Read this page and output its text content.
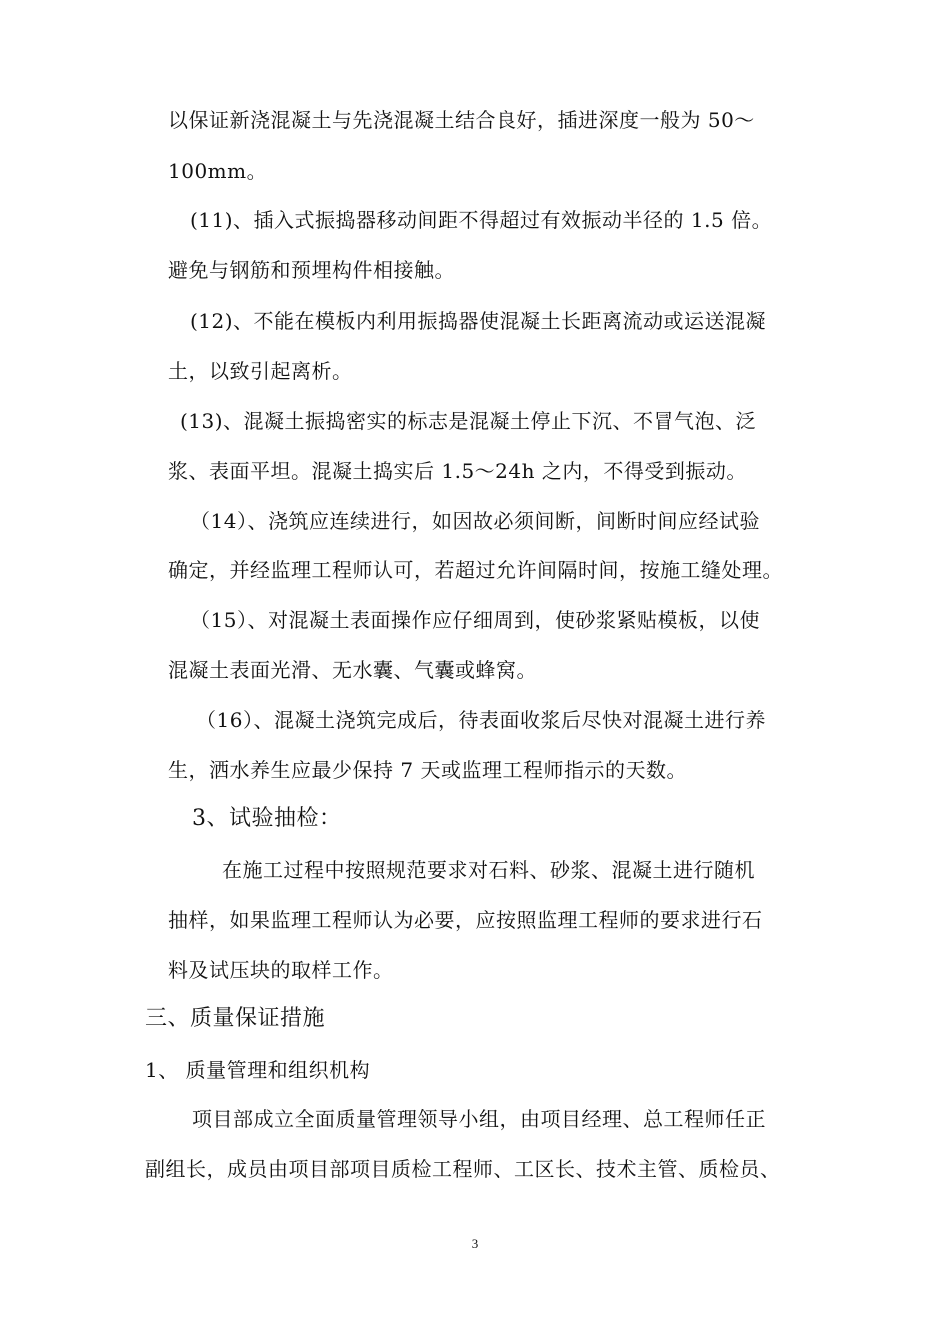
以保证新浇混凝土与先浇混凝土结合良好，插进深度一般为 50～
100mm。
(11)、插入式振捣器移动间距不得超过有效振动半径的 1.5 倍。
避免与钢筋和预埋构件相接触。
(12)、不能在模板内利用振捣器使混凝土长距离流动或运送混凝
土，以致引起离析。
(13)、混凝土振捣密实的标志是混凝土停止下沉、不冒气泡、泛
浆、表面平坦。混凝土捣实后 1.5～24h 之内，不得受到振动。
（14）、浇筑应连续进行，如因故必须间断，间断时间应经试验
确定，并经监理工程师认可，若超过允许间隔时间，按施工缝处理。
（15）、对混凝土表面操作应仔细周到，使砂浆紧贴模板，以使
混凝土表面光滑、无水囊、气囊或蜂窝。
（16）、混凝土浇筑完成后，待表面收浆后尽快对混凝土进行养
生，洒水养生应最少保持 7 天或监理工程师指示的天数。
3、试验抽检：
在施工过程中按照规范要求对石料、砂浆、混凝土进行随机
抽样，如果监理工程师认为必要，应按照监理工程师的要求进行石
料及试压块的取样工作。
三、质量保证措施
1、 质量管理和组织机构
项目部成立全面质量管理领导小组，由项目经理、总工程师任正
副组长，成员由项目部项目质检工程师、工区长、技术主管、质检员、
3
